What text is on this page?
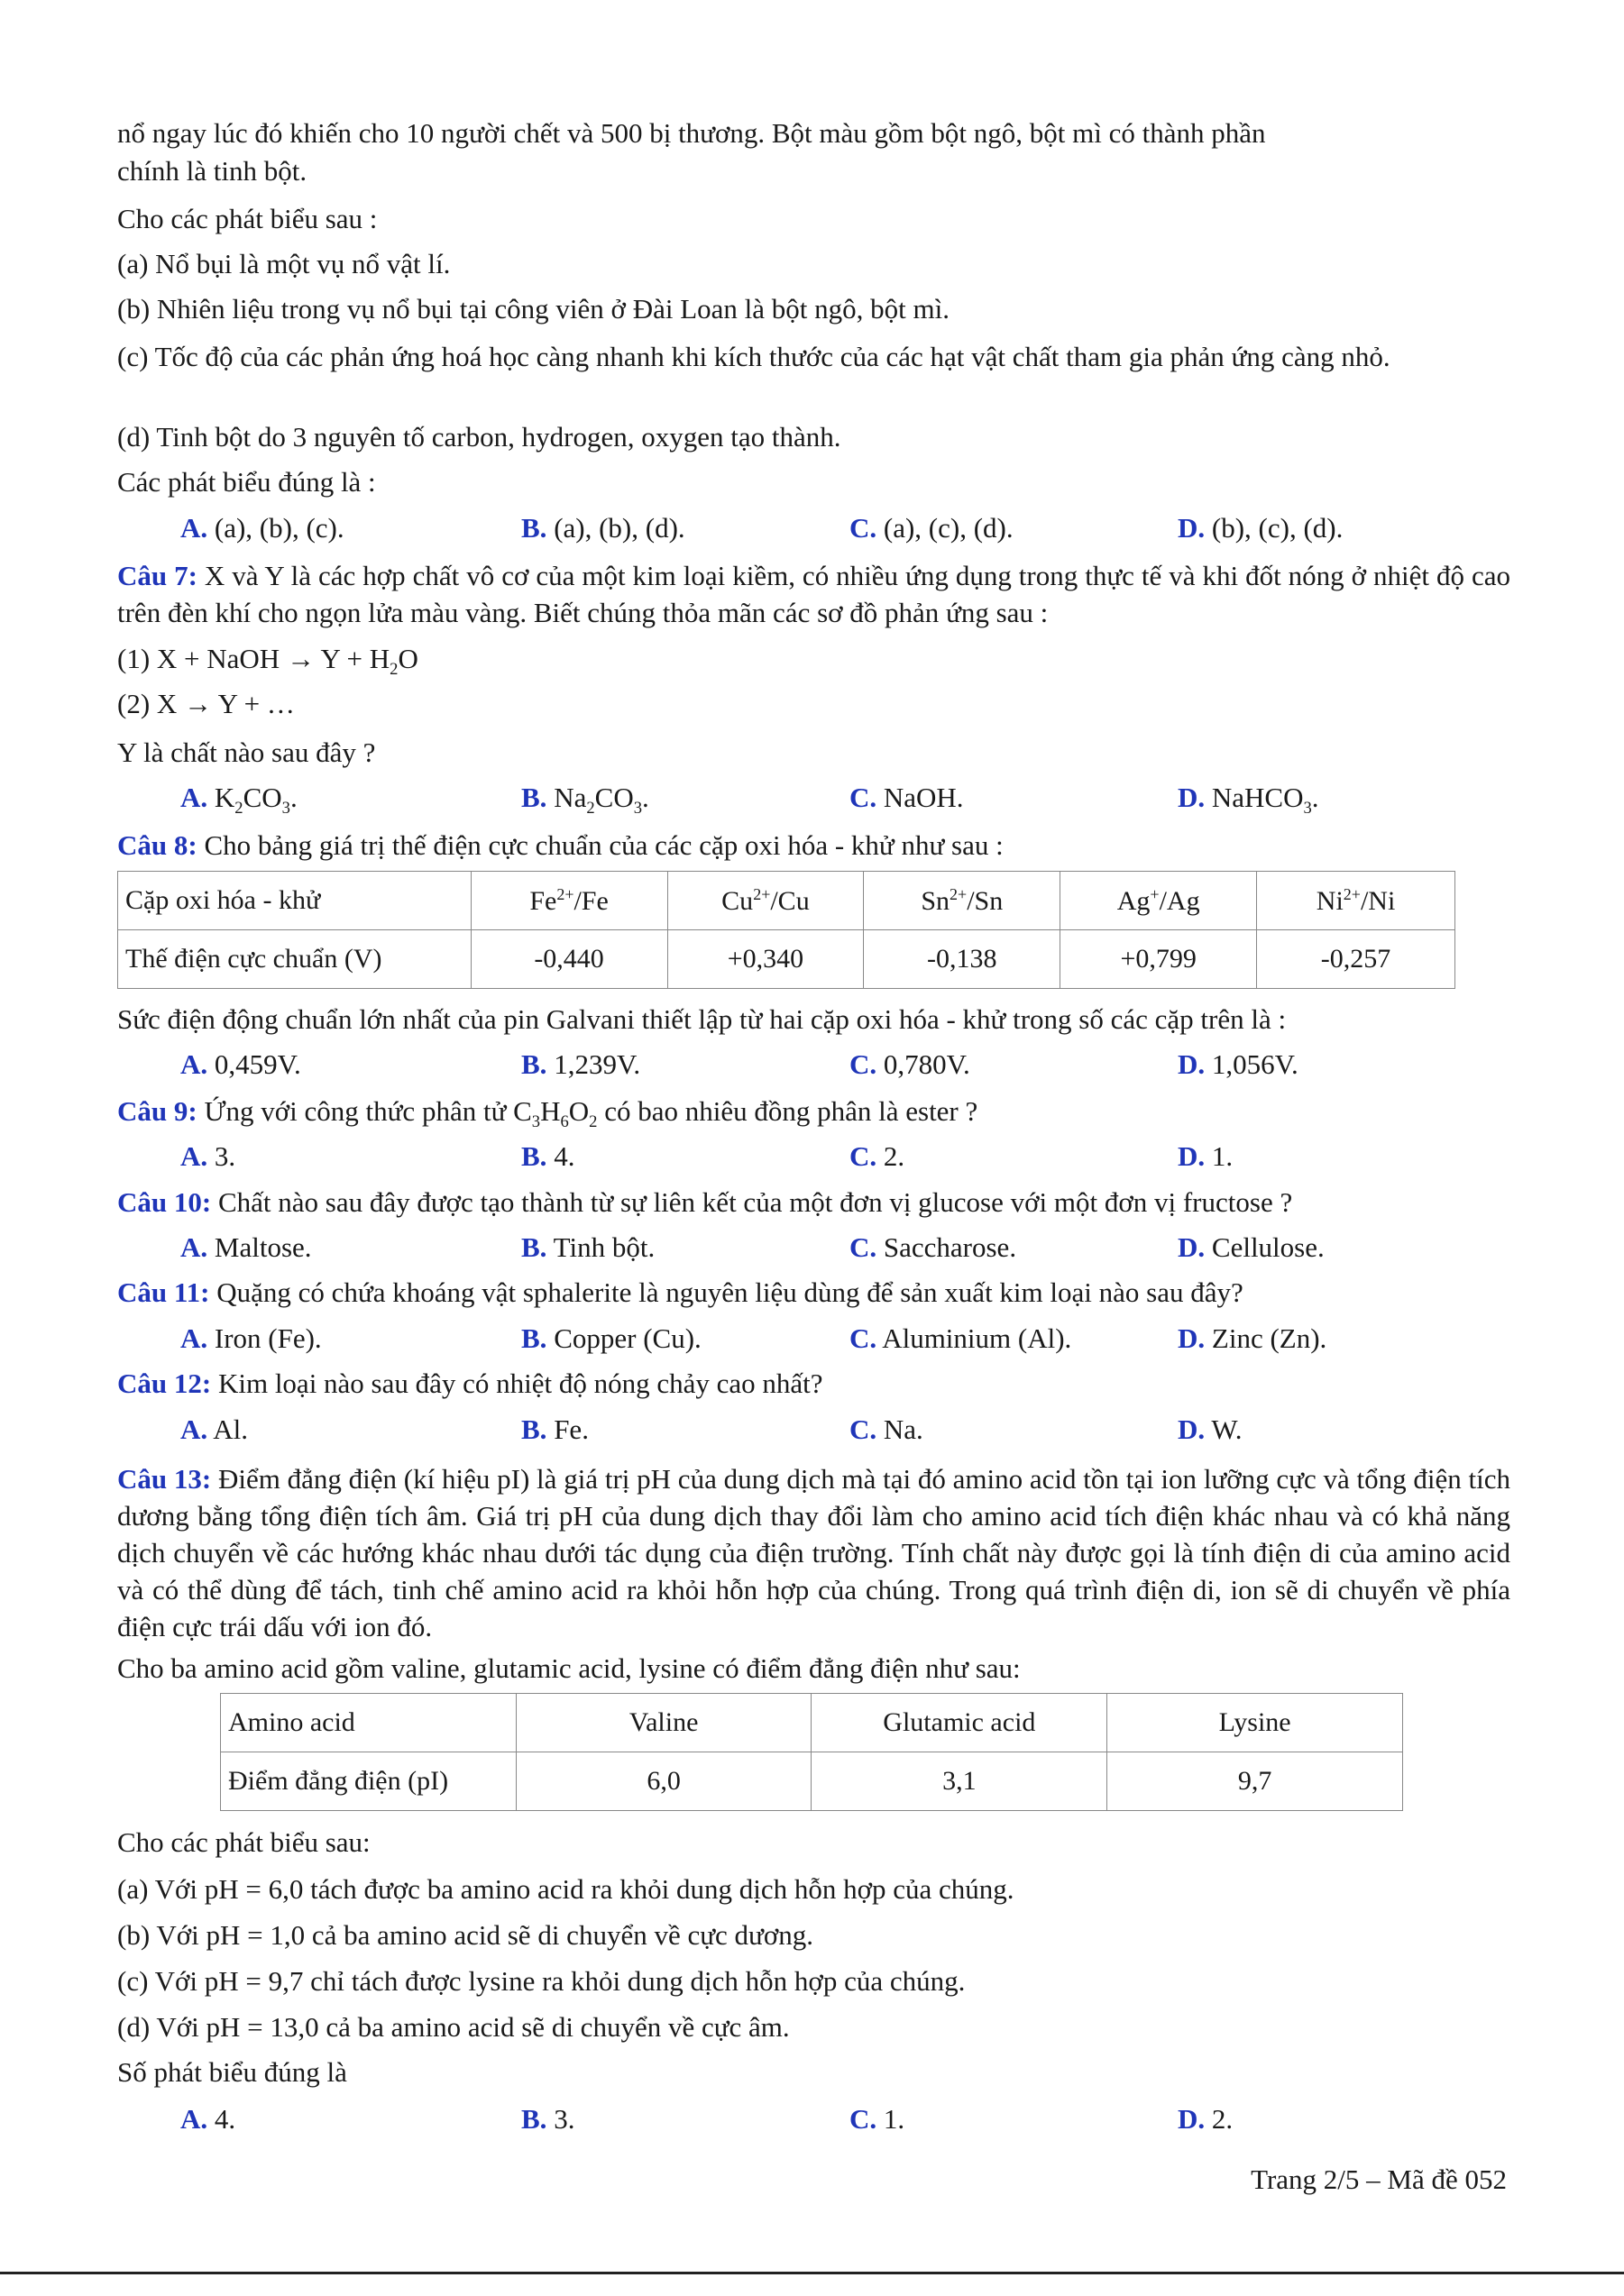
nổ ngay lúc đó khiến cho 10 người chết và 500 bị thương. Bột màu gồm bột ngô, bột mì có thành phần
chính là tinh bột.
Cho các phát biểu sau :
(a) Nổ bụi là một vụ nổ vật lí.
(b) Nhiên liệu trong vụ nổ bụi tại công viên ở Đài Loan là bột ngô, bột mì.
(c) Tốc độ của các phản ứng hoá học càng nhanh khi kích thước của các hạt vật chất tham gia phản ứng càng nhỏ.
(d) Tinh bột do 3 nguyên tố carbon, hydrogen, oxygen tạo thành.
Các phát biểu đúng là :
A. (a), (b), (c).	B. (a), (b), (d).	C. (a), (c), (d).	D. (b), (c), (d).
Câu 7: X và Y là các hợp chất vô cơ của một kim loại kiềm, có nhiều ứng dụng trong thực tế và khi đốt nóng ở nhiệt độ cao trên đèn khí cho ngọn lửa màu vàng. Biết chúng thỏa mãn các sơ đồ phản ứng sau :
(1) X + NaOH → $Y + H_2O$
(2) X → Y + …
Y là chất nào sau đây ?
A. $K_2CO_3$.	B. $Na_2CO_3$.	C. NaOH.	D. NaHCO$_3$.
Câu 8: Cho bảng giá trị thế điện cực chuẩn của các cặp oxi hóa - khử như sau :
Cặp oxi hóa - khử	$Fe^{2+}/Fe$	$Cu^{2+}/Cu$	$Sn^{2+}/Sn$	Ag+/Ag	$Ni^{2+}/Ni$
Thế điện cực chuẩn (V)	-0,440	+0,340	-0,138	+0,799	-0,257
Sức điện động chuẩn lớn nhất của pin Galvani thiết lập từ hai cặp oxi hóa - khử trong số các cặp trên là :
A. 0,459V.	B. 1,239V.	C. 0,780V.	D. 1,056V.
Câu 9: Ứng với công thức phân tử $C_3H_6O_2$ có bao nhiêu đồng phân là ester ?
A. 3.	B. 4.	C. 2.	D. 1.
Câu 10: Chất nào sau đây được tạo thành từ sự liên kết của một đơn vị glucose với một đơn vị fructose ?
A. Maltose.	B. Tinh bột.	C. Saccharose.	D. Cellulose.
Câu 11: Quặng có chứa khoáng vật sphalerite là nguyên liệu dùng để sản xuất kim loại nào sau đây?
A. Iron (Fe).	B. Copper (Cu).	C. Aluminium (Al).	D. Zinc (Zn).
Câu 12: Kim loại nào sau đây có nhiệt độ nóng chảy cao nhất?
A. Al.	B. Fe.	C. Na.	D. W.
Câu 13: Điểm đẳng điện (kí hiệu pI) là giá trị pH của dung dịch mà tại đó amino acid tồn tại ion lưỡng cực và tổng điện tích dương bằng tổng điện tích âm. Giá trị pH của dung dịch thay đổi làm cho amino acid tích điện khác nhau và có khả năng dịch chuyển về các hướng khác nhau dưới tác dụng của điện trường. Tính chất này được gọi là tính điện di của amino acid và có thể dùng để tách, tinh chế amino acid ra khỏi hỗn hợp của chúng. Trong quá trình điện di, ion sẽ di chuyển về phía điện cực trái dấu với ion đó.
Cho ba amino acid gồm valine, glutamic acid, lysine có điểm đẳng điện như sau:
Amino acid	Valine	Glutamic acid	Lysine
Điểm đẳng điện (pI)	6,0	3,1	9,7
Cho các phát biểu sau:
(a) Với pH = 6,0 tách được ba amino acid ra khỏi dung dịch hỗn hợp của chúng.
(b) Với pH = 1,0 cả ba amino acid sẽ di chuyển về cực dương.
(c) Với pH = 9,7 chỉ tách được lysine ra khỏi dung dịch hỗn hợp của chúng.
(d) Với pH = 13,0 cả ba amino acid sẽ di chuyển về cực âm.
Số phát biểu đúng là
A. 4.	B. 3.	C. 1.	D. 2.
Trang 2/5 – Mã đề 052
